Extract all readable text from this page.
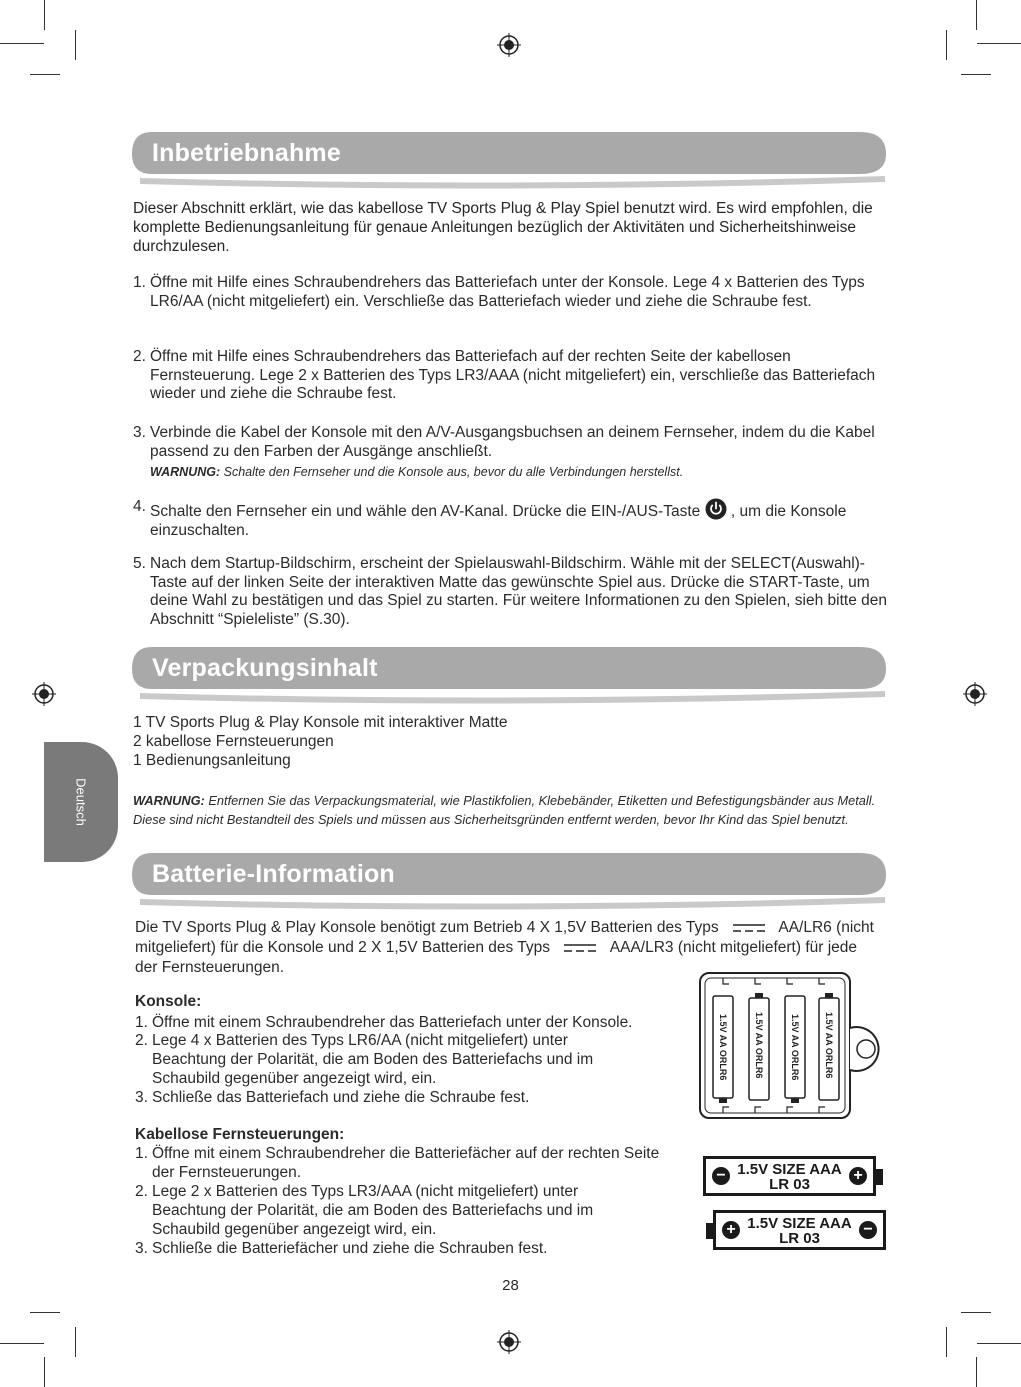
Deutsch
Inbetriebnahme
Dieser Abschnitt erklärt, wie das kabellose TV Sports Plug & Play Spiel benutzt wird. Es wird empfohlen, die komplette Bedienungsanleitung für genaue Anleitungen bezüglich der Aktivitäten und Sicherheitshinweise durchzulesen.
1. Öffne mit Hilfe eines Schraubendrehers das Batteriefach unter der Konsole. Lege 4 x Batterien des Typs LR6/AA (nicht mitgeliefert) ein. Verschließe das Batteriefach wieder und ziehe die Schraube fest.
2. Öffne mit Hilfe eines Schraubendrehers das Batteriefach auf der rechten Seite der kabellosen Fernsteuerung. Lege 2 x Batterien des Typs LR3/AAA (nicht mitgeliefert) ein, verschließe das Batteriefach wieder und ziehe die Schraube fest.
3. Verbinde die Kabel der Konsole mit den A/V-Ausgangsbuchsen an deinem Fernseher, indem du die Kabel passend zu den Farben der Ausgänge anschließt.
WARNUNG: Schalte den Fernseher und die Konsole aus, bevor du alle Verbindungen herstellst.
4. Schalte den Fernseher ein und wähle den AV-Kanal. Drücke die EIN-/AUS-Taste , um die Konsole einzuschalten.
5. Nach dem Startup-Bildschirm, erscheint der Spielauswahl-Bildschirm. Wähle mit der SELECT(Auswahl)-Taste auf der linken Seite der interaktiven Matte das gewünschte Spiel aus. Drücke die START-Taste, um deine Wahl zu bestätigen und das Spiel zu starten. Für weitere Informationen zu den Spielen, sieh bitte den Abschnitt “Spieleliste” (S.30).
Verpackungsinhalt
1 TV Sports Plug & Play Konsole mit interaktiver Matte
2 kabellose Fernsteuerungen
1 Bedienungsanleitung
WARNUNG: Entfernen Sie das Verpackungsmaterial, wie Plastikfolien, Klebebänder, Etiketten und Befestigungsbänder aus Metall. Diese sind nicht Bestandteil des Spiels und müssen aus Sicherheitsgründen entfernt werden, bevor Ihr Kind das Spiel benutzt.
Batterie-Information
Die TV Sports Plug & Play Konsole benötigt zum Betrieb 4 X 1,5V Batterien des Typs	AA/LR6 (nicht mitgeliefert) für die Konsole und 2 X 1,5V Batterien des Typs	AAA/LR3 (nicht mitgeliefert) für jede der Fernsteuerungen.
Konsole:
1. Öffne mit einem Schraubendreher das Batteriefach unter der Konsole.
2. Lege 4 x Batterien des Typs LR6/AA (nicht mitgeliefert) unter Beachtung der Polarität, die am Boden des Batteriefachs und im Schaubild gegenüber angezeigt wird, ein.
3. Schließe das Batteriefach und ziehe die Schraube fest.
Kabellose Fernsteuerungen:
1. Öffne mit einem Schraubendreher die Batteriefächer auf der rechten Seite der Fernsteuerungen.
2. Lege 2 x Batterien des Typs LR3/AAA (nicht mitgeliefert) unter Beachtung der Polarität, die am Boden des Batteriefachs und im Schaubild gegenüber angezeigt wird, ein.
3. Schließe die Batteriefächer und ziehe die Schrauben fest.
1.5V AA ORLR6	1.5V AA ORLR6	1.5V AA ORLR6	1.5V AA ORLR6
− 1.5V SIZE AAA
LR 03
+
+ 1.5V SIZE AAA
LR 03
−
28
